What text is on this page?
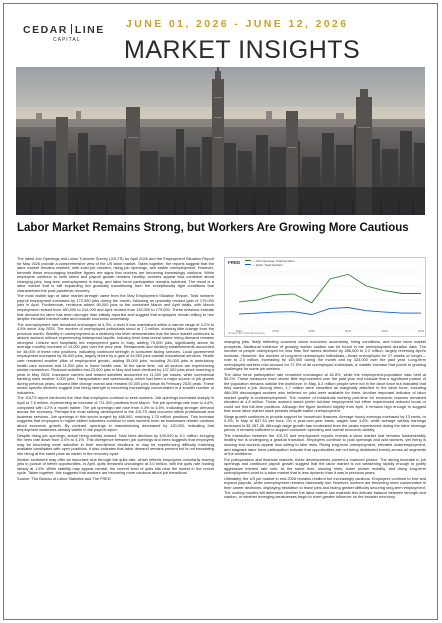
CEDAR LINE
CAPITAL
JUNE 01, 2026 - JUNE 12, 2026
MARKET INSIGHTS
Labor Market Remains Strong, but Workers Are Growing More Cautious

The latest Job Openings and Labor Turnover Survey (JOLTS) for April 2026 and the Employment Situation Report for May 2026 provide a comprehensive view of the US labor market. Taken together, the reports suggest that the labor market remains resilient, with solid job creation, rising job openings, and stable unemployment. However, beneath these encouraging headline figures are signs that workers are becoming increasingly cautious. While employers continue to seek talent and payroll growth remains healthy, workers appear less confident about changing jobs, long-term unemployment is rising, and labor force participation remains subdued. The result is a labor market that is still expanding but gradually transitioning from the exceptionally tight conditions that characterized the post-pandemic recovery.

The most visible sign of labor market strength came from the May Employment Situation Report. Total nonfarm payroll employment increased by 172,000 jobs during the month, following an upwardly revised gain of 179,000 jobs in April. Furthermore, revisions added 90,000 jobs to the combined March and April totals, with March employment revised from 180,000 to 214,000 and April revised from 115,000 to 179,000. These revisions indicate that demand for labor has been stronger than initially reported and suggest that employers remain willing to hire despite elevated interest rates and broader economic uncertainty.

The unemployment rate remained unchanged at 4.3%, a level it has maintained within a narrow range of 4.2% to 4.5% since July 2025. The number of unemployed individuals stood at 7.3 million, showing little change from the previous month. Stability in unemployment at a relatively low level demonstrates that the labor market continues to absorb workers without experiencing widespread layoffs. Industry-level data reveal where hiring demand remains strongest. Leisure and hospitality led employment gains in May, adding 70,000 jobs, significantly above its average monthly increase of 14,000 jobs over the prior year. Restaurants and drinking establishments accounted for 48,000 of these new positions, indicating continued strength in consumer-facing services. Local government employment increased by 55,000 jobs, largely driven by a gain of 44,000 jobs outside educational services. Health care remained another pillar of employment growth, adding 35,000 jobs, including 26,000 jobs in ambulatory health care services and 11,000 jobs in home health care. At the same time, not all sectors are experiencing similar momentum. Financial activities lost 23,000 jobs in May and have declined by 137,000 jobs since reaching a peak in May 2025. Insurance carriers and related activities accounted for 11,000 job losses, while commercial banking shed another 3,000 jobs. Transportation and warehousing, which had been a major source of job growth during previous years, showed little change overall and remains 92,000 jobs below its February 2025 peak. These sector-specific declines suggest that hiring strength is becoming increasingly concentrated in a smaller number of industries.

The JOLTS report reinforces the view that employers continue to seek workers. Job openings increased sharply in April to 7.6 million, representing an increase of 711,000 positions from March. The job openings rate rose to 4.6%, compared with 4.2% a month earlier. The job openings rate rose from 4.3% to 4.6%, indicating stronger demand across the economy. Perhaps the most striking development in the JOLTS data occurred within professional and business services. Job openings in this sector surged by 468,000, reaching 1.75 million positions. This increase suggests that employers in higher-skilled industries continue to seek workers even as businesses remain cautious about economic growth. By contrast, openings in manufacturing decreased by 130,000, indicating that employment weakness already visible in the payroll report.

Despite rising job openings, actual hiring activity slowed. Total hires declined by 449,000 to 5.1 million, bringing the hires rate down from 3.4% to 3.1%. This divergence between job openings and hires suggests that employers may be becoming more selective in their recruitment decisions or may be experiencing difficulty matching available candidates with open positions. It also indicates that labor demand remains present but is not translating into hiring at the same pace as earlier in the recovery cycle.

Worker sentiment may offer an important clue through the quits rate, which reflects employees voluntarily leaving jobs in pursuit of better opportunities. In April, quits remained unchanged at 3.0 million, with the quits rate holding steady at 1.9%. While stability may appear neutral, the current level of quits sits near the lowest in the recent cycle. Taken together, this suggests that workers are becoming more cautious about job transitions.

Source: The Bureau of Labor Statistics and The FRED

FRED	— Job Openings: Total Nonfarm
— Quits: Total Nonfarm
2016	2018	2020	2022	2024	2026
Sources: BLS; fred.stlouisfed.org

changing jobs, likely reflecting concerns about economic uncertainty, hiring conditions, and future labor market prospects. Additional evidence of growing worker caution can be found in the unemployment duration data. The number of people unemployed for less than five weeks declined by 286,000 to 2.2 million, largely reversing April's increase. However, the number of long-term unemployed individuals—those unemployed for 27 weeks or longer—rose to 2.0 million, increasing by 155,000 during the month and by 324,000 over the past year. Long-term unemployed workers now account for 27.5% of all unemployed individuals, a notable increase that points to growing challenges for some job seekers.

The labor force participation rate remained unchanged at 61.8%, while the employment-population ratio held at 59.2%. These measures have shown little improvement over the past year and indicate that a significant portion of the population remains outside the workforce. In May, 6.2 million people were not in the labor force but indicated that they wanted a job. Among them, 1.7 million were classified as marginally attached to the labor force, including 486,000 discouraged workers who believed no jobs were available for them. Another important indicator of labor market quality is underemployment. The number of individuals working part-time for economic reasons remained elevated at 4.8 million. These workers would prefer full-time employment but either experienced reduced hours or could not find full-time positions. Although the figure declined slightly from April, it remains high enough to suggest that some labor market slack persists despite stable unemployment.

Wage growth continues to provide support for household finances. Average hourly earnings increased by 13 cents, or 0.3%, in May to $37.53 per hour. On a year-over-year basis, wages rose 3.6%, while average weekly earnings increased to $1,287.28. Although wage growth has moderated from the peaks experienced during the labor shortage period, it remains sufficient to support consumer spending and overall economic activity.

The interaction between the JOLTS and employment reports reveals a labor market that remains fundamentally healthy but is undergoing a gradual transition. Employers continue to post openings and add workers, yet hiring is slowing and workers appear less willing to take risks. Rising long-term unemployment, elevated underemployment, and stagnant labor force participation indicate that opportunities are not being distributed evenly across all segments of the workforce.

For policymakers and financial markets, these developments present a nuanced picture. The strong increase in job openings and continued payroll growth suggest that the labor market is not weakening rapidly enough to justify aggressive interest rate cuts. At the same time, slowing hires, lower worker mobility, and rising long-term unemployment point to a labor market that is less dynamic than it was in previous years.

Ultimately, the US job market in mid-2026 remains resilient but increasingly cautious. Employers continue to hire and expand payrolls, while unemployment remains historically low. However, workers are becoming more conservative in their career decisions, displaying hesitation to leave jobs and facing greater difficulty securing long-term employment. The coming months will determine whether the labor market can maintain this delicate balance between strength and caution, or whether emerging weaknesses begin to exert greater influence on the broader economy.
